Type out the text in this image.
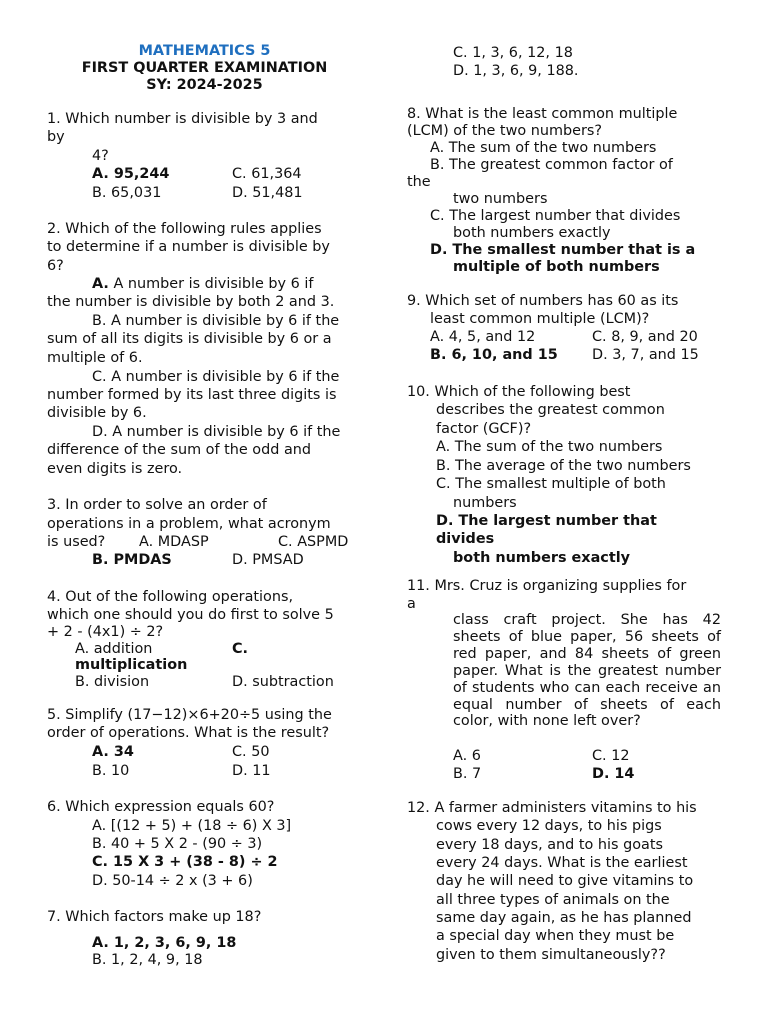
MATHEMATICS 5
FIRST QUARTER EXAMINATION
SY: 2024-2025
1. Which number is divisible by 3 and
by
4?
A. 95,244	C. 61,364
B. 65,031	D. 51,481
2. Which of the following rules applies
to determine if a number is divisible by
6?
A. A number is divisible by 6 if
the number is divisible by both 2 and 3.
B. A number is divisible by 6 if the
sum of all its digits is divisible by 6 or a
multiple of 6.
C. A number is divisible by 6 if the
number formed by its last three digits is
divisible by 6.
D. A number is divisible by 6 if the
difference of the sum of the odd and
even digits is zero.
3. In order to solve an order of
operations in a problem, what acronym
is used? A. MDASP	C. ASPMD
B. PMDAS	D. PMSAD
4. Out of the following operations,
which one should you do first to solve 5
+ 2 - (4x1) ÷ 2?
A. addition	C.
multiplication
B. division	D. subtraction
5. Simplify (17−12)×6+20÷5 using the
order of operations. What is the result?
A. 34	C. 50
B. 10	D. 11
6. Which expression equals 60?
A. [(12 + 5) + (18 ÷ 6) X 3]
B. 40 + 5 X 2 - (90 ÷ 3)
C. 15 X 3 + (38 - 8) ÷ 2
D. 50-14 ÷ 2 x (3 + 6)
7. Which factors make up 18?
A. 1, 2, 3, 6, 9, 18
B. 1, 2, 4, 9, 18
C. 1, 3, 6, 12, 18
D. 1, 3, 6, 9, 188.
8. What is the least common multiple
(LCM) of the two numbers?
A. The sum of the two numbers
B. The greatest common factor of
the
two numbers
C. The largest number that divides
both numbers exactly
D. The smallest number that is a
multiple of both numbers
9. Which set of numbers has 60 as its
least common multiple (LCM)?
A. 4, 5, and 12	C. 8, 9, and 20
B. 6, 10, and 15 D. 3, 7, and 15
10. Which of the following best
describes the greatest common
factor (GCF)?
A. The sum of the two numbers
B. The average of the two numbers
C. The smallest multiple of both
numbers
D. The largest number that
divides
both numbers exactly
11. Mrs. Cruz is organizing supplies for
a
class craft project. She has 42 sheets of blue paper, 56 sheets of red paper, and 84 sheets of green paper. What is the greatest number of students who can each receive an equal number of sheets of each color, with none left over?
A. 6	C. 12
B. 7	D. 14
12. A farmer administers vitamins to his
cows every 12 days, to his pigs
every 18 days, and to his goats
every 24 days. What is the earliest
day he will need to give vitamins to
all three types of animals on the
same day again, as he has planned
a special day when they must be
given to them simultaneously??
